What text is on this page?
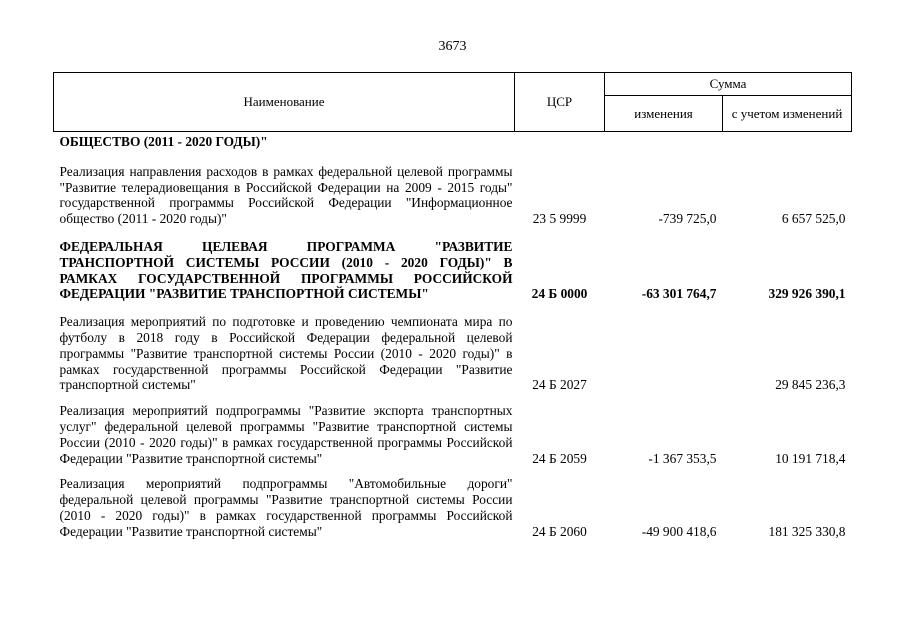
3673
Наименование	ЦСР	Сумма	
		изменения	с учетом изменений
ОБЩЕСТВО (2011 - 2020 ГОДЫ)"			
Реализация направления расходов в рамках федеральной целевой программы "Развитие телерадиовещания в Российской Федерации на 2009 - 2015 годы" государственной программы Российской Федерации "Информационное общество (2011 - 2020 годы)"	23 5 9999	-739 725,0	6 657 525,0
ФЕДЕРАЛЬНАЯ ЦЕЛЕВАЯ ПРОГРАММА "РАЗВИТИЕ ТРАНСПОРТНОЙ СИСТЕМЫ РОССИИ (2010 - 2020 ГОДЫ)" В РАМКАХ ГОСУДАРСТВЕННОЙ ПРОГРАММЫ РОССИЙСКОЙ ФЕДЕРАЦИИ "РАЗВИТИЕ ТРАНСПОРТНОЙ СИСТЕМЫ"	24 Б 0000	-63 301 764,7	329 926 390,1
Реализация мероприятий по подготовке и проведению чемпионата мира по футболу в 2018 году в Российской Федерации федеральной целевой программы "Развитие транспортной системы России (2010 - 2020 годы)" в рамках государственной программы Российской Федерации "Развитие транспортной системы"	24 Б 2027		29 845 236,3
Реализация мероприятий подпрограммы "Развитие экспорта транспортных услуг" федеральной целевой программы "Развитие транспортной системы России (2010 - 2020 годы)" в рамках государственной программы Российской Федерации "Развитие транспортной системы"	24 Б 2059	-1 367 353,5	10 191 718,4
Реализация мероприятий подпрограммы "Автомобильные дороги" федеральной целевой программы "Развитие транспортной системы России (2010 - 2020 годы)" в рамках государственной программы Российской Федерации "Развитие транспортной системы"	24 Б 2060	-49 900 418,6	181 325 330,8
